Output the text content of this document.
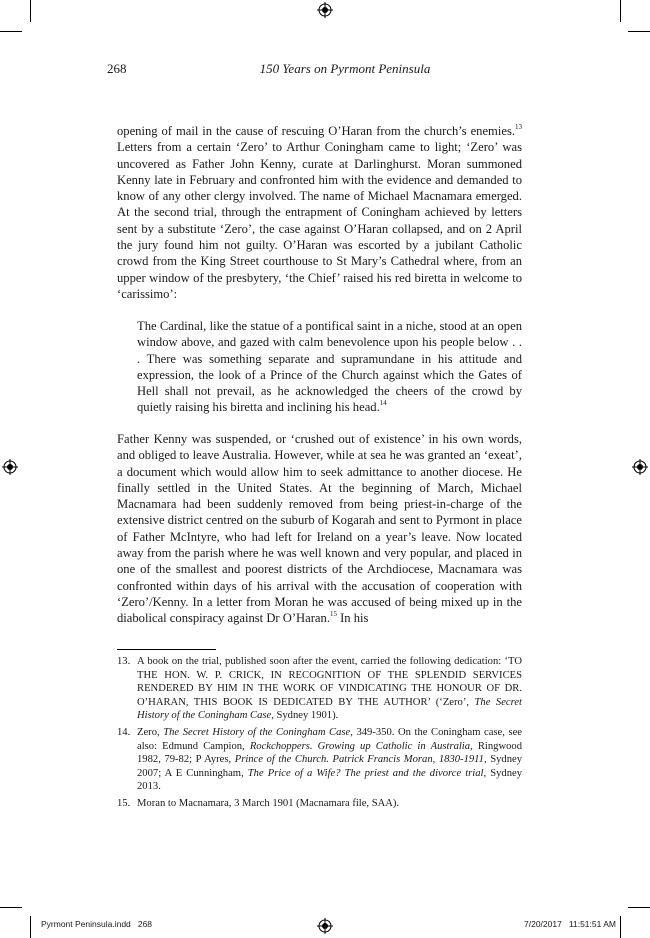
268	150 Years on Pyrmont Peninsula

opening of mail in the cause of rescuing O’Haran from the church’s enemies.$^{13}$ Letters from a certain ‘Zero’ to Arthur Coningham came to light; ‘Zero’ was uncovered as Father John Kenny, curate at Darlinghurst. Moran summoned Kenny late in February and confronted him with the evidence and demanded to know of any other clergy involved. The name of Michael Macnamara emerged. At the second trial, through the entrapment of Coningham achieved by letters sent by a substitute ‘Zero’, the case against O’Haran collapsed, and on 2 April the jury found him not guilty. O’Haran was escorted by a jubilant Catholic crowd from the King Street courthouse to St Mary’s Cathedral where, from an upper window of the presbytery, ‘the Chief’ raised his red biretta in welcome to ‘carissimo’:

The Cardinal, like the statue of a pontifical saint in a niche, stood at an open window above, and gazed with calm benevolence upon his people below . . . There was something separate and supramundane in his attitude and expression, the look of a Prince of the Church against which the Gates of Hell shall not prevail, as he acknowledged the cheers of the crowd by quietly raising his biretta and inclining his head.$^{14}$

Father Kenny was suspended, or ‘crushed out of existence’ in his own words, and obliged to leave Australia. However, while at sea he was granted an ‘exeat’, a document which would allow him to seek admittance to another diocese. He finally settled in the United States. At the beginning of March, Michael Macnamara had been suddenly removed from being priest-in-charge of the extensive district centred on the suburb of Kogarah and sent to Pyrmont in place of Father McIntyre, who had left for Ireland on a year’s leave. Now located away from the parish where he was well known and very popular, and placed in one of the smallest and poorest districts of the Archdiocese, Macnamara was confronted within days of his arrival with the accusation of cooperation with ‘Zero’/Kenny. In a letter from Moran he was accused of being mixed up in the diabolical conspiracy against Dr O’Haran.$^{15}$ In his

13. A book on the trial, published soon after the event, carried the following dedication: ‘TO THE HON. W. P. CRICK, IN RECOGNITION OF THE SPLENDID SERVICES RENDERED BY HIM IN THE WORK OF VINDICATING THE HONOUR OF DR. O’HARAN, THIS BOOK IS DEDICATED BY THE AUTHOR’ (‘Zero’, The Secret History of the Coningham Case, Sydney 1901).
14. Zero, The Secret History of the Coningham Case, 349-350. On the Coningham case, see also: Edmund Campion, Rockchoppers. Growing up Catholic in Australia, Ringwood 1982, 79-82; P Ayres, Prince of the Church. Patrick Francis Moran, 1830-1911, Sydney 2007; A E Cunningham, The Price of a Wife? The priest and the divorce trial, Sydney 2013.
15. Moran to Macnamara, 3 March 1901 (Macnamara file, SAA).
Pyrmont Peninsula.indd   268	7/20/2017   11:51:51 AM
